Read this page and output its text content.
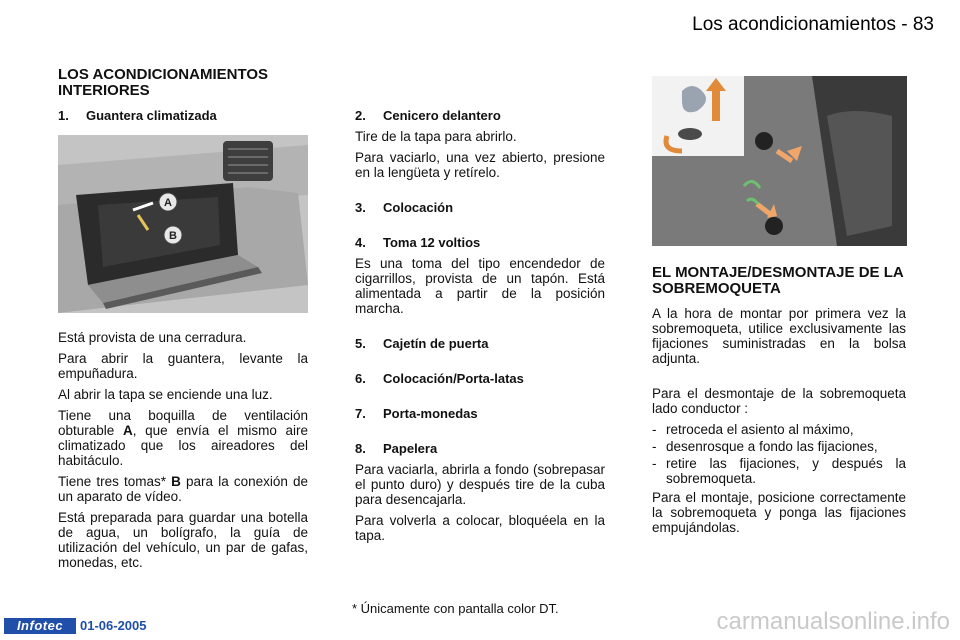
Los acondicionamientos - 83
LOS ACONDICIONAMIENTOS INTERIORES
1. Guantera climatizada
A
B

Está provista de una cerradura.

Para abrir la guantera, levante la empuñadura.

Al abrir la tapa se enciende una luz.

Tiene una boquilla de ventilación obturable A, que envía el mismo aire climatizado que los aireadores del habitáculo.

Tiene tres tomas* B para la conexión de un aparato de vídeo.

Está preparada para guardar una botella de agua, un bolígrafo, la guía de utilización del vehículo, un par de gafas, monedas, etc.

2. Cenicero delantero

Tire de la tapa para abrirlo.

Para vaciarlo, una vez abierto, presione en la lengüeta y retírelo.

3. Colocación
4. Toma 12 voltios

Es una toma del tipo encendedor de cigarrillos, provista de un tapón. Está alimentada a partir de la posición marcha.

5. Cajetín de puerta
6. Colocación/Porta-latas
7. Porta-monedas
8. Papelera

Para vaciarla, abrirla a fondo (sobrepasar el punto duro) y después tire de la cuba para desencajarla.

Para volverla a colocar, bloquéela en la tapa.

EL MONTAJE/DESMONTAJE DE LA SOBREMOQUETA

A la hora de montar por primera vez la sobremoqueta, utilice exclusivamente las fijaciones suministradas en la bolsa adjunta.

Para el desmontaje de la sobremoqueta lado conductor :

- retroceda el asiento al máximo,
- desenrosque a fondo las fijaciones,
- retire las fijaciones, y después la sobremoqueta.

Para el montaje, posicione correctamente la sobremoqueta y ponga las fijaciones empujándolas.

* Únicamente con pantalla color DT.
Infotec	01-06-2005	carmanualsonline.info
